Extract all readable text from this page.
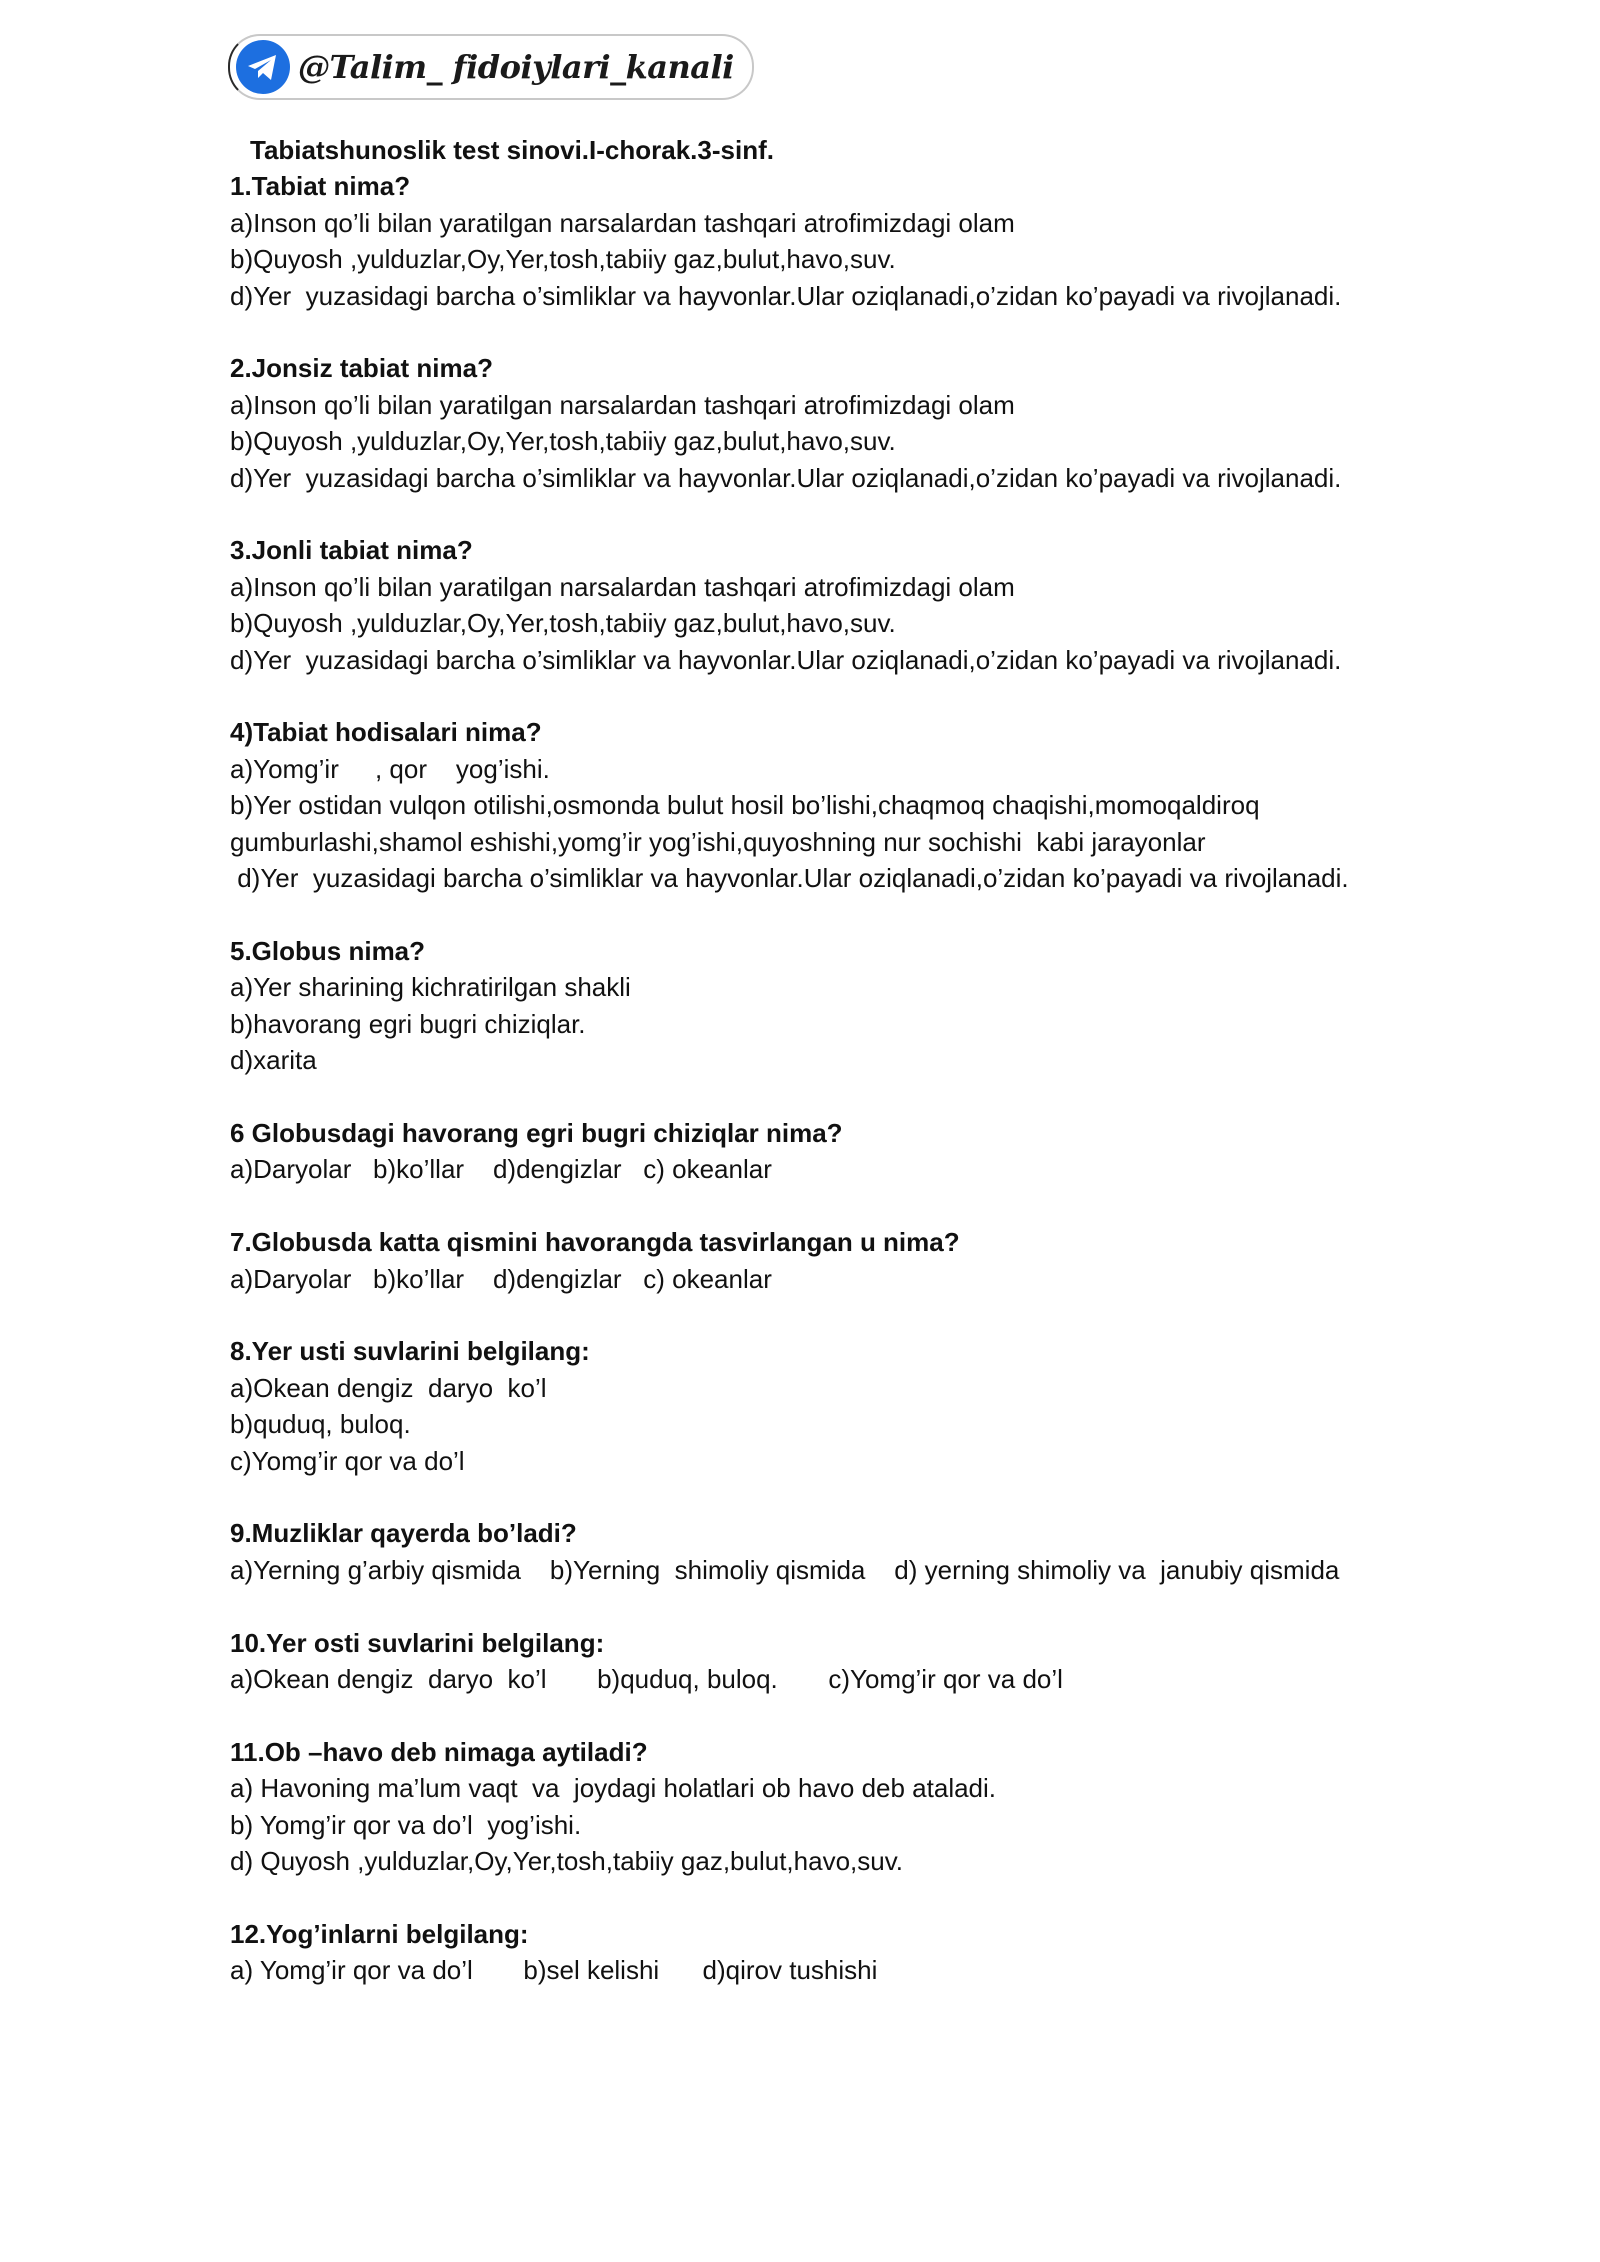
@Talim_ fidoiylari_kanali

Tabiatshunoslik test sinovi.I-chorak.3-sinf.

1.Tabiat nima?

a)Inson qo’li bilan yaratilgan narsalardan tashqari atrofimizdagi olam

b)Quyosh ,yulduzlar,Oy,Yer,tosh,tabiiy gaz,bulut,havo,suv.

d)Yer  yuzasidagi barcha o’simliklar va hayvonlar.Ular oziqlanadi,o’zidan ko’payadi va rivojlanadi.

2.Jonsiz tabiat nima?

a)Inson qo’li bilan yaratilgan narsalardan tashqari atrofimizdagi olam

b)Quyosh ,yulduzlar,Oy,Yer,tosh,tabiiy gaz,bulut,havo,suv.

d)Yer  yuzasidagi barcha o’simliklar va hayvonlar.Ular oziqlanadi,o’zidan ko’payadi va rivojlanadi.

3.Jonli tabiat nima?

a)Inson qo’li bilan yaratilgan narsalardan tashqari atrofimizdagi olam

b)Quyosh ,yulduzlar,Oy,Yer,tosh,tabiiy gaz,bulut,havo,suv.

d)Yer  yuzasidagi barcha o’simliklar va hayvonlar.Ular oziqlanadi,o’zidan ko’payadi va rivojlanadi.

4)Tabiat hodisalari nima?

a)Yomg’ir     , qor    yog’ishi.

b)Yer ostidan vulqon otilishi,osmonda bulut hosil bo’lishi,chaqmoq chaqishi,momoqaldiroq

gumburlashi,shamol eshishi,yomg’ir yog’ishi,quyoshning nur sochishi  kabi jarayonlar

d)Yer  yuzasidagi barcha o’simliklar va hayvonlar.Ular oziqlanadi,o’zidan ko’payadi va rivojlanadi.

5.Globus nima?

a)Yer sharining kichratirilgan shakli

b)havorang egri bugri chiziqlar.

d)xarita

6 Globusdagi havorang egri bugri chiziqlar nima?

a)Daryolar   b)ko’llar    d)dengizlar   c) okeanlar

7.Globusda katta qismini havorangda tasvirlangan u nima?

a)Daryolar   b)ko’llar    d)dengizlar   c) okeanlar

8.Yer usti suvlarini belgilang:

a)Okean dengiz  daryo  ko’l

b)quduq, buloq.

c)Yomg’ir qor va do’l

9.Muzliklar qayerda bo’ladi?

a)Yerning g’arbiy qismida    b)Yerning  shimoliy qismida    d) yerning shimoliy va  janubiy qismida

10.Yer osti suvlarini belgilang:

a)Okean dengiz  daryo  ko’l       b)quduq, buloq.       c)Yomg’ir qor va do’l

11.Ob –havo deb nimaga aytiladi?

a) Havoning ma’lum vaqt  va  joydagi holatlari ob havo deb ataladi.

b) Yomg’ir qor va do’l  yog’ishi.

d) Quyosh ,yulduzlar,Oy,Yer,tosh,tabiiy gaz,bulut,havo,suv.

12.Yog’inlarni belgilang:

a) Yomg’ir qor va do’l       b)sel kelishi      d)qirov tushishi
